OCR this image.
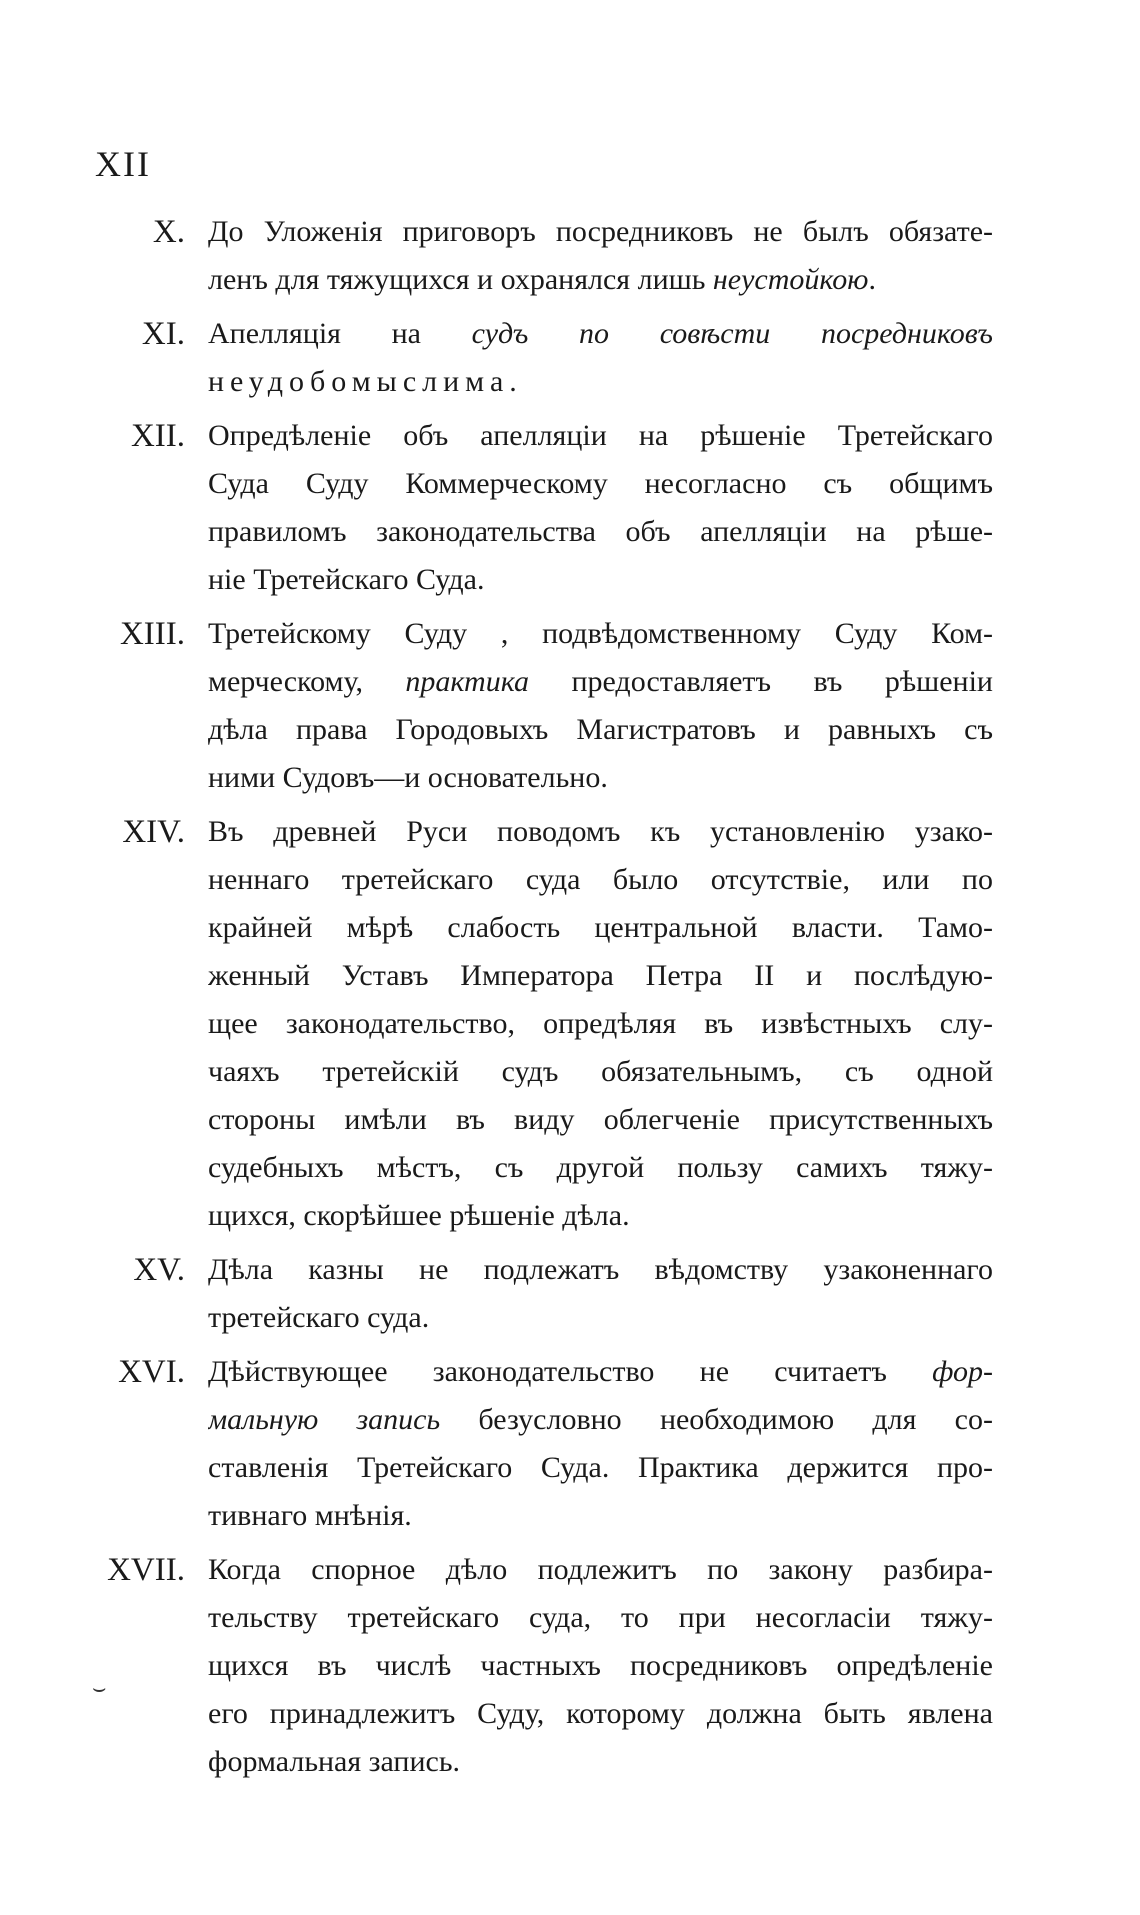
XII
X. До Уложенія приговоръ посредниковъ не былъ обязате-
ленъ для тяжущихся и охранялся лишь неустойкою.
XI. Апелляція на судъ по совѣсти посредниковъ
неудобомыслима.
XII. Опредѣленіе объ апелляціи на рѣшеніе Третейскаго
Суда Суду Коммерческому несогласно съ общимъ
правиломъ законодательства объ апелляціи на рѣше-
ніе Третейскаго Суда.
XIII. Третейскому Суду , подвѣдомственному Суду Ком-
мерческому, практика предоставляетъ въ рѣшеніи
дѣла права Городовыхъ Магистратовъ и равныхъ съ
ними Судовъ—и основательно.
XIV. Въ древней Руси поводомъ къ установленію узако-
неннаго третейскаго суда было отсутствіе, или по
крайней мѣрѣ слабость центральной власти. Тамо-
женный Уставъ Императора Петра II и послѣдую-
щее законодательство, опредѣляя въ извѣстныхъ слу-
чаяхъ третейскій судъ обязательнымъ, съ одной
стороны имѣли въ виду облегченіе присутственныхъ
судебныхъ мѣстъ, съ другой пользу самихъ тяжу-
щихся, скорѣйшее рѣшеніе дѣла.
XV. Дѣла казны не подлежатъ вѣдомству узаконеннаго
третейскаго суда.
XVI. Дѣйствующее законодательство не считаетъ фор-
мальную запись безусловно необходимою для со-
ставленія Третейскаго Суда. Практика держится про-
тивнаго мнѣнія.
XVII. Когда спорное дѣло подлежитъ по закону разбира-
тельству третейскаго суда, то при несогласіи тяжу-
щихся въ числѣ частныхъ посредниковъ опредѣленіе
его принадлежитъ Суду, которому должна быть явлена
формальная запись.
⌣
